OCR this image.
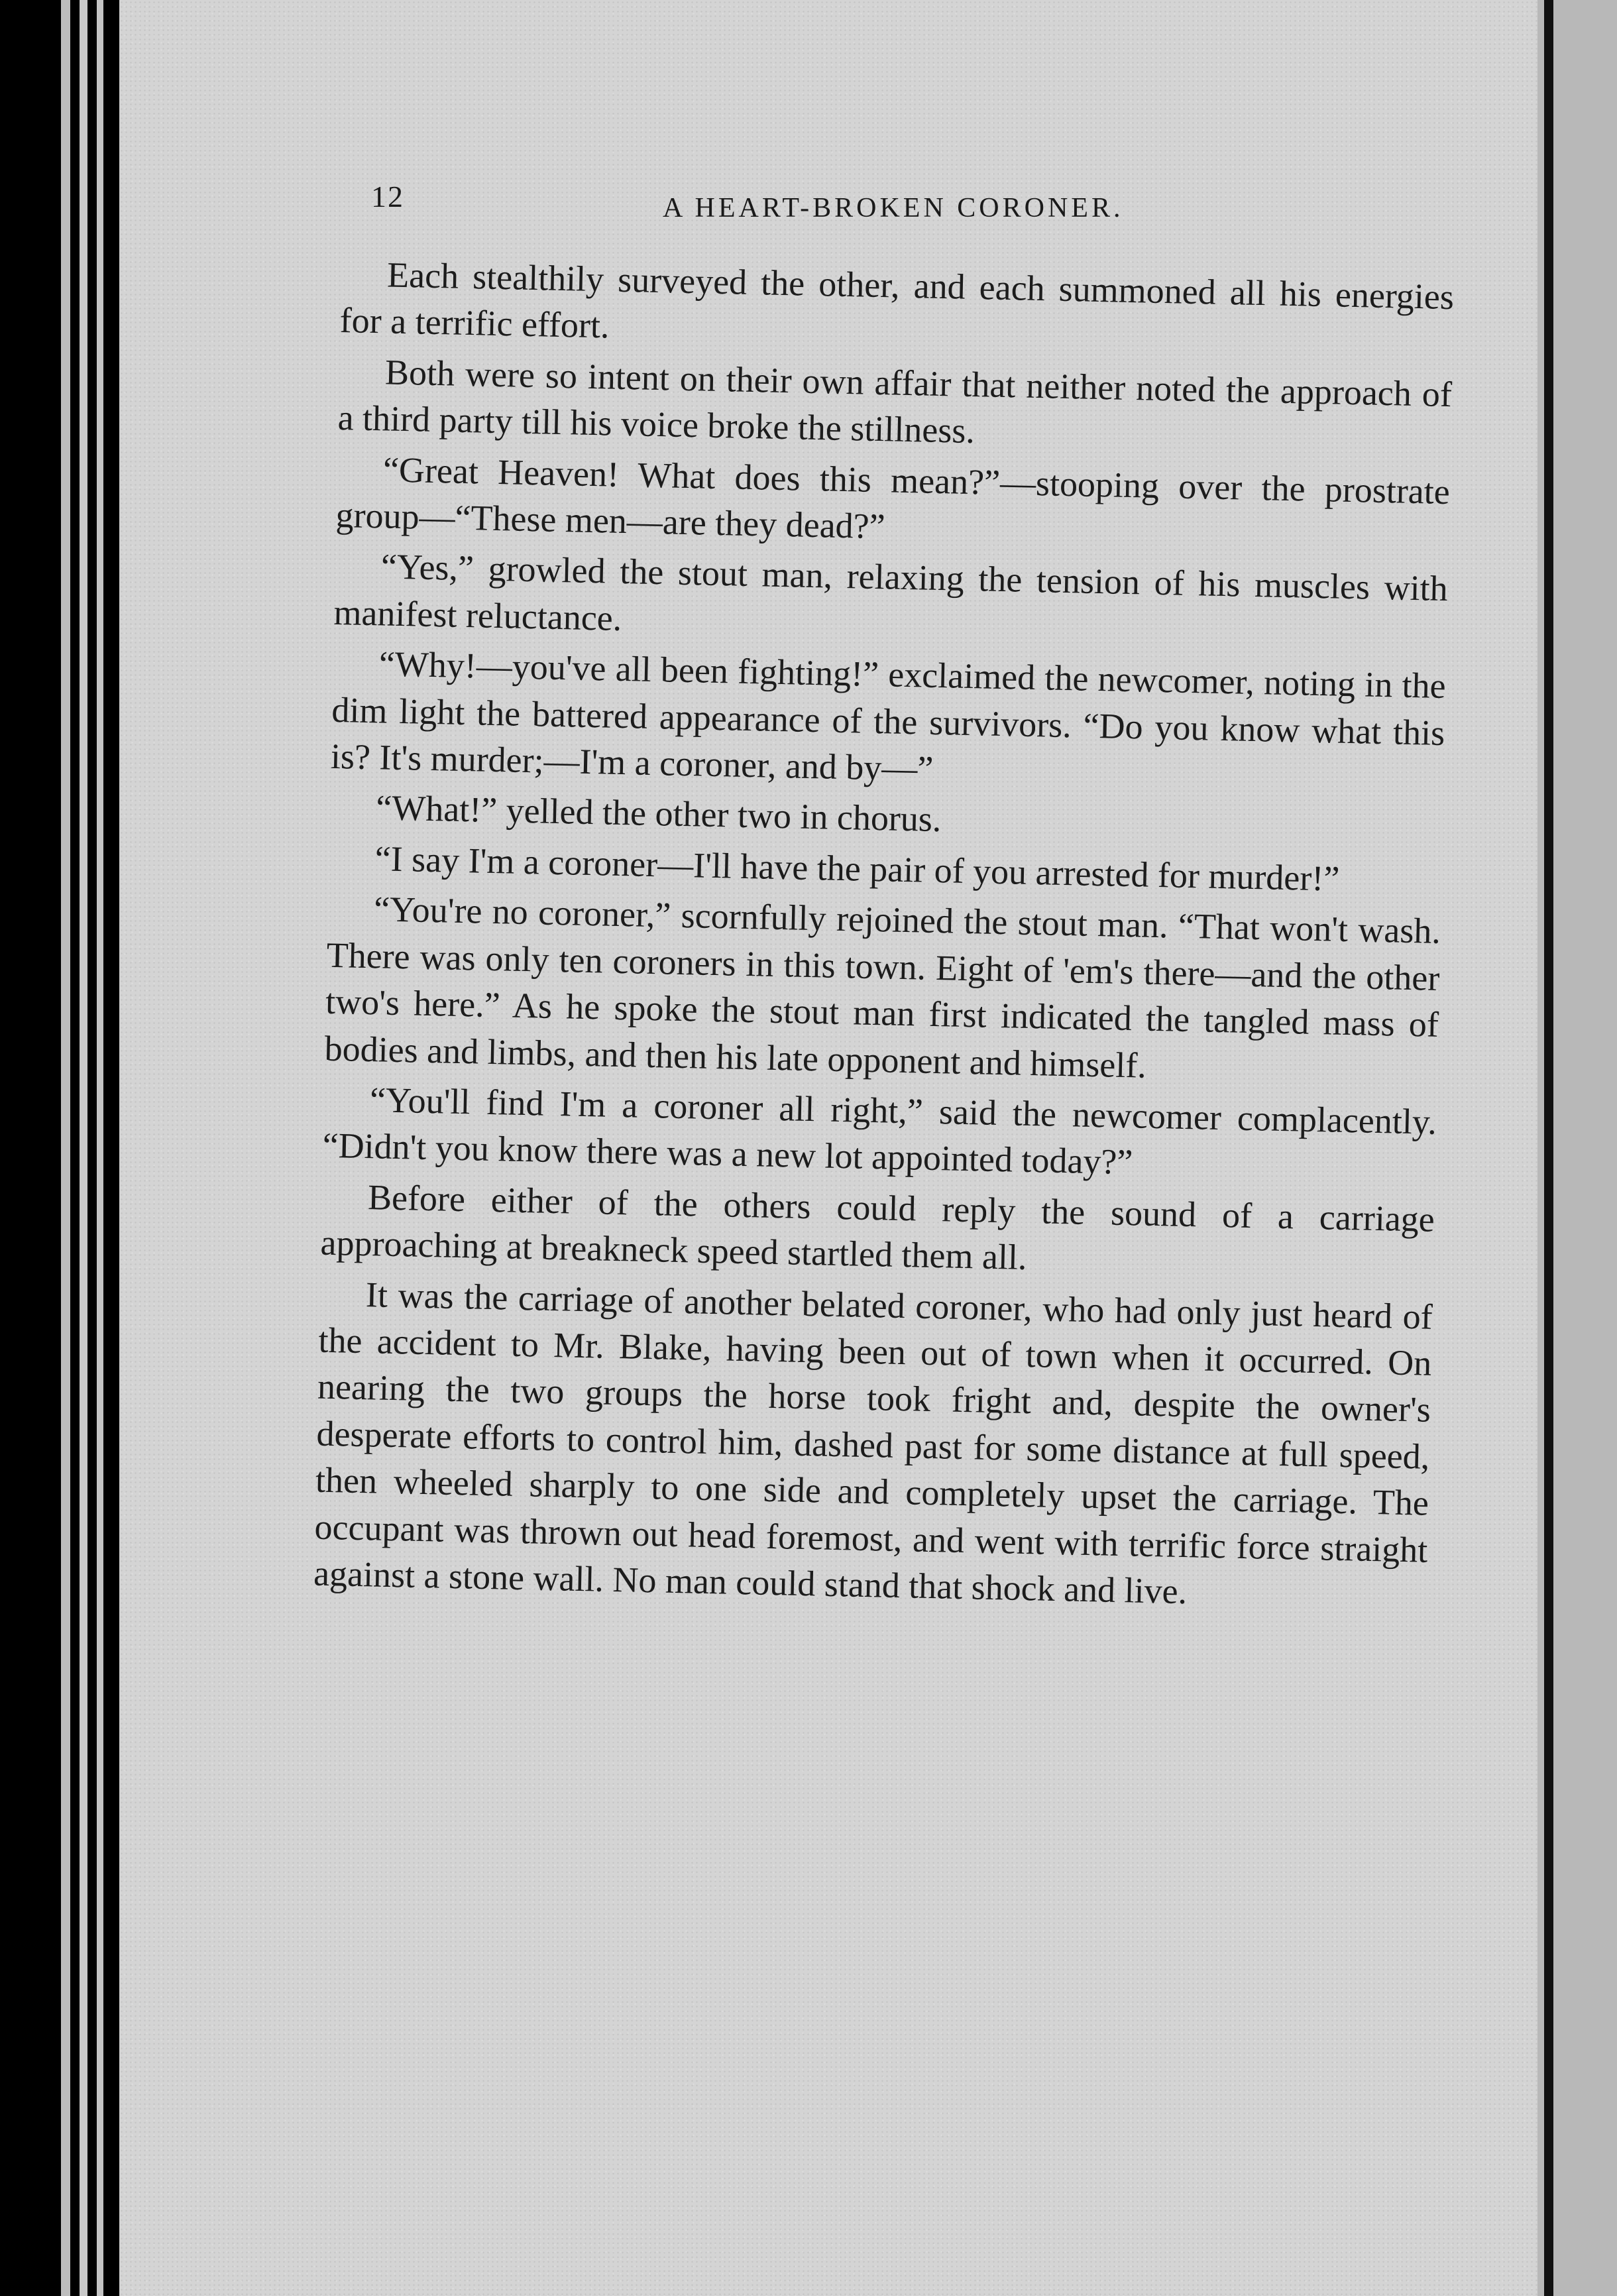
12	A HEART-BROKEN CORONER.

Each stealthily surveyed the other, and each summoned all his energies for a terrific effort.

Both were so intent on their own affair that neither noted the approach of a third party till his voice broke the stillness.

“Great Heaven! What does this mean?”—stooping over the prostrate group—“These men—are they dead?”

“Yes,” growled the stout man, relaxing the tension of his muscles with manifest reluctance.

“Why!—you've all been fighting!” exclaimed the newcomer, noting in the dim light the battered appearance of the survivors. “Do you know what this is? It's murder;—I'm a coroner, and by—”

“What!” yelled the other two in chorus.

“I say I'm a coroner—I'll have the pair of you arrested for murder!”

“You're no coroner,” scornfully rejoined the stout man. “That won't wash. There was only ten coroners in this town. Eight of 'em's there—and the other two's here.” As he spoke the stout man first indicated the tangled mass of bodies and limbs, and then his late opponent and himself.

“You'll find I'm a coroner all right,” said the newcomer complacently. “Didn't you know there was a new lot appointed today?”

Before either of the others could reply the sound of a carriage approaching at breakneck speed startled them all.

It was the carriage of another belated coroner, who had only just heard of the accident to Mr. Blake, having been out of town when it occurred. On nearing the two groups the horse took fright and, despite the owner's desperate efforts to control him, dashed past for some distance at full speed, then wheeled sharply to one side and completely upset the carriage. The occupant was thrown out head foremost, and went with terrific force straight against a stone wall. No man could stand that shock and live.
